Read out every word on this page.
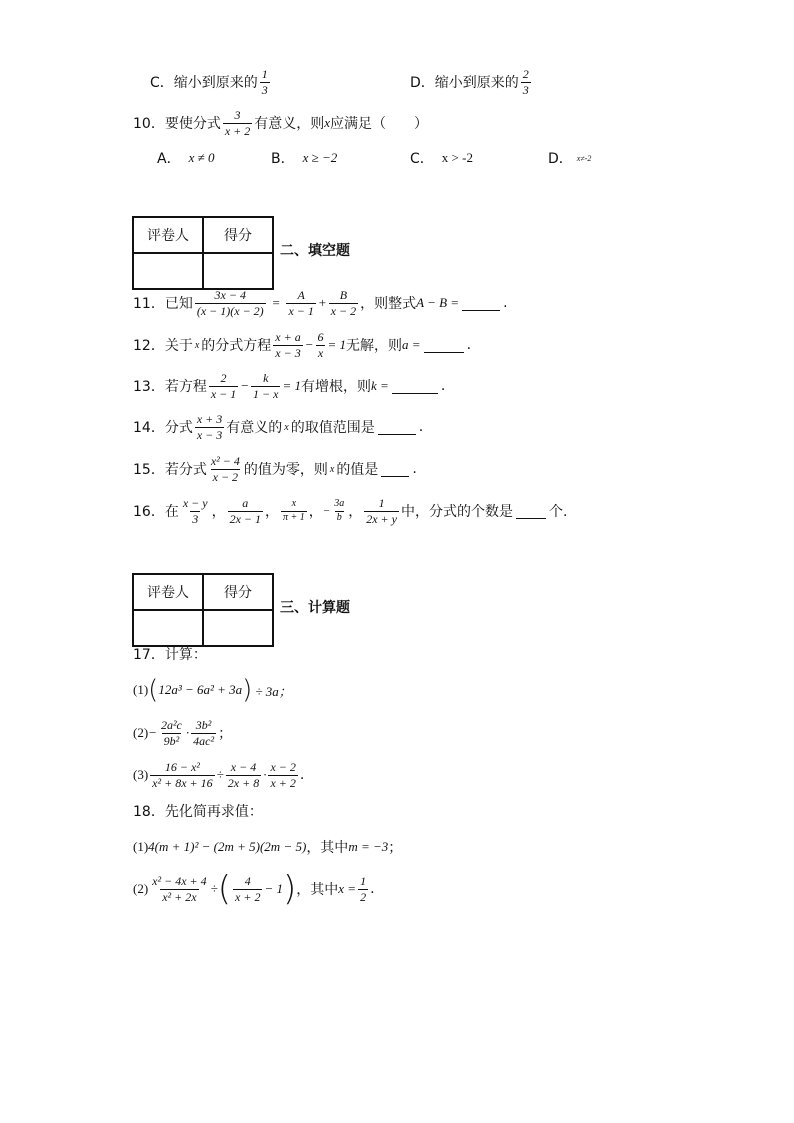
C．缩小到原来的 $\frac{1}{3}$	D．缩小到原来的 $\frac{2}{3}$
10．要使分式 $\frac{3}{x + 2}$ 有意义，则 x 应满足（　　）
A． x ≠ 0	B． x ≥ −2	C． x > -2	D． x≠-2
评卷人	得分

二、填空题
11．已知 $\frac{3x - 4}{(x - 1)(x - 2)} = \frac{A}{x - 1} + \frac{B}{x - 2}$ ，则整式 A − B =	.
12．关于 x 的分式方程 $\frac{x + a}{x - 3} - \frac{6}{x} = 1$ 无解，则 a =	.
13．若方程 $\frac{2}{x - 1} - \frac{k}{1 - x} = 1$ 有增根，则 k =	.
14．分式 $\frac{x + 3}{x - 3}$ 有意义的 x 的取值范围是	.
15．若分式 $\frac{\text{x² − 4}}{x - 2}$ 的值为零，则 x 的值是 .
16．在 $\frac{x - y}{3}$ ， $\frac{a}{2x - 1}$ ， $\frac{x}{\pi + 1}$ ， − $\frac{3a}{b}$ ， $\frac{1}{2x + y}$ 中，分式的个数是	个.
评卷人	得分

三、计算题
17．计算：
(1) ( 12a³ − 6a² + 3a ) ÷ 3a；
$(2) - \frac{\text{2a²c}}{\text{9b²}} \cdot \frac{\text{3b²}}{\text{4ac²}}$ ；
$(3) \frac{\text{16 − x²}}{\text{x² + 8x + 16}} \div \frac{x - 4}{2x + 8} \cdot \frac{x - 2}{x + 2}$ .
18．先化简再求值：
(1) 4(m + 1)² − (2m + 5)(2m − 5) ，其中 m = −3 ；
$(2) \frac{\text{x² − 4x + 4}}{\text{x² + 2x}}$ ÷ ( $\frac{4}{x + 2} - 1$ ) ，其中 $x = \frac{1}{2}$ .
